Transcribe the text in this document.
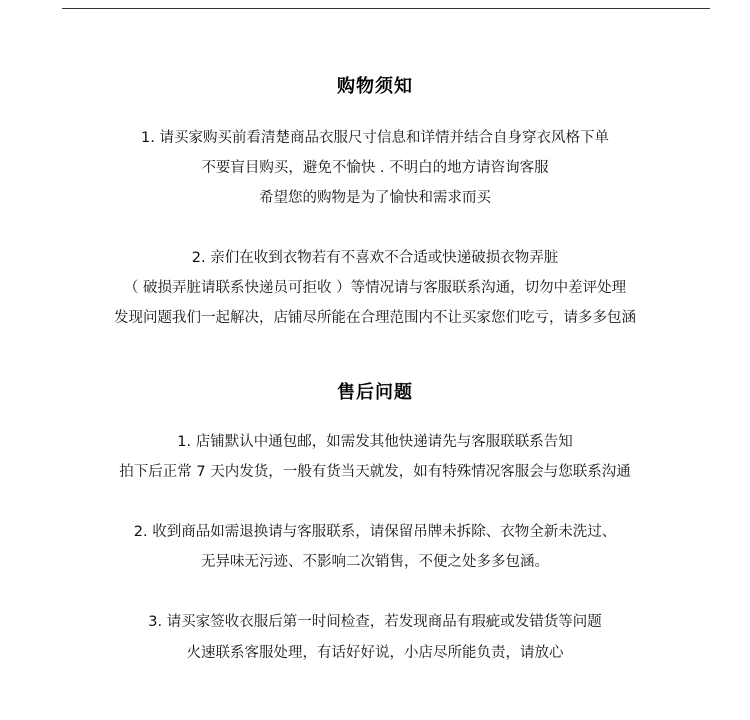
购物须知
1. 请买家购买前看清楚商品衣服尺寸信息和详情并结合自身穿衣风格下单
不要盲目购买，避免不愉快 . 不明白的地方请咨询客服
希望您的购物是为了愉快和需求而买
2. 亲们在收到衣物若有不喜欢不合适或快递破损衣物弄脏
（ 破损弄脏请联系快递员可拒收 ）等情况请与客服联系沟通，切勿中差评处理
发现问题我们一起解决，店铺尽所能在合理范围内不让买家您们吃亏，请多多包涵
售后问题
1. 店铺默认中通包邮，如需发其他快递请先与客服联联系告知
拍下后正常 7 天内发货，一般有货当天就发，如有特殊情况客服会与您联系沟通
2. 收到商品如需退换请与客服联系，请保留吊牌未拆除、衣物全新未洗过、
无异味无污迹、不影响二次销售，不便之处多多包涵。
3. 请买家签收衣服后第一时间检查，若发现商品有瑕疵或发错货等问题
火速联系客服处理，有话好好说，小店尽所能负责，请放心
